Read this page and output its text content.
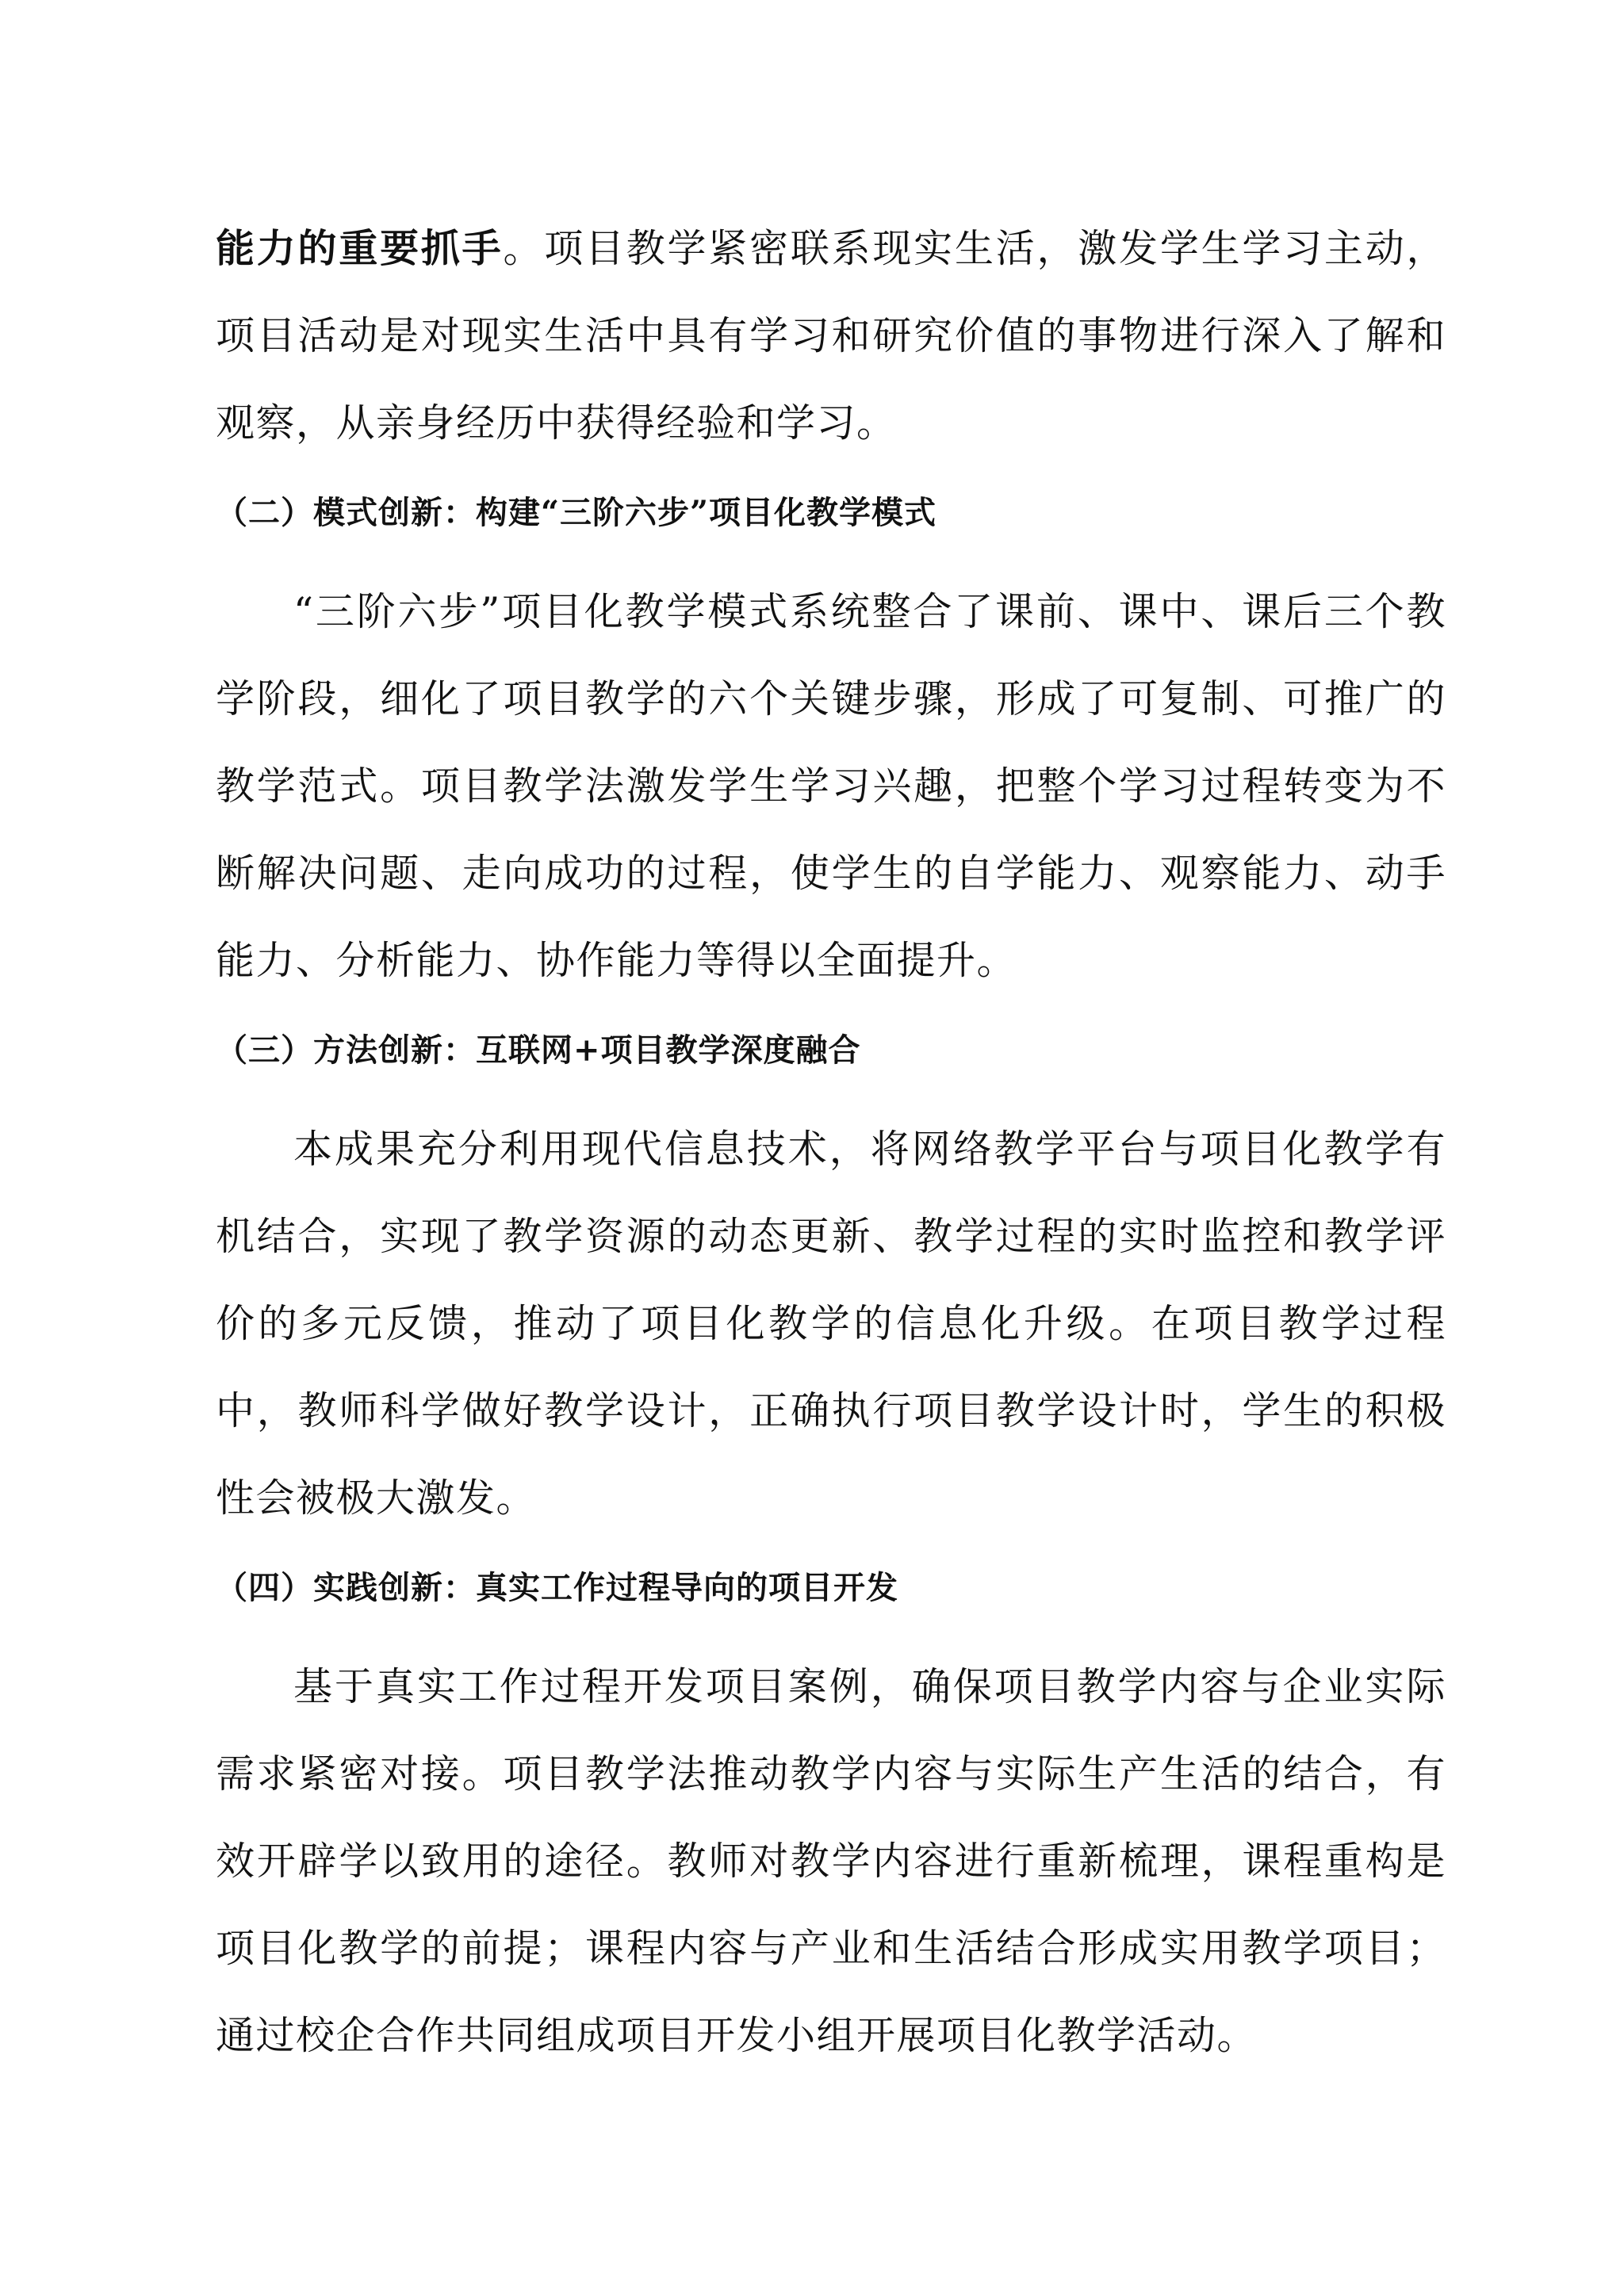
能力的重要抓手。项目教学紧密联系现实生活，激发学生学习主动，项目活动是对现实生活中具有学习和研究价值的事物进行深入了解和观察，从亲身经历中获得经验和学习。

（二）模式创新：构建“三阶六步”项目化教学模式

“三阶六步”项目化教学模式系统整合了课前、课中、课后三个教学阶段，细化了项目教学的六个关键步骤，形成了可复制、可推广的教学范式。项目教学法激发学生学习兴趣，把整个学习过程转变为不断解决问题、走向成功的过程，使学生的自学能力、观察能力、动手能力、分析能力、协作能力等得以全面提升。

（三）方法创新：互联网+项目教学深度融合

本成果充分利用现代信息技术，将网络教学平台与项目化教学有机结合，实现了教学资源的动态更新、教学过程的实时监控和教学评价的多元反馈，推动了项目化教学的信息化升级。在项目教学过程中，教师科学做好教学设计，正确执行项目教学设计时，学生的积极性会被极大激发。

（四）实践创新：真实工作过程导向的项目开发

基于真实工作过程开发项目案例，确保项目教学内容与企业实际需求紧密对接。项目教学法推动教学内容与实际生产生活的结合，有效开辟学以致用的途径。教师对教学内容进行重新梳理，课程重构是项目化教学的前提；课程内容与产业和生活结合形成实用教学项目；通过校企合作共同组成项目开发小组开展项目化教学活动。
